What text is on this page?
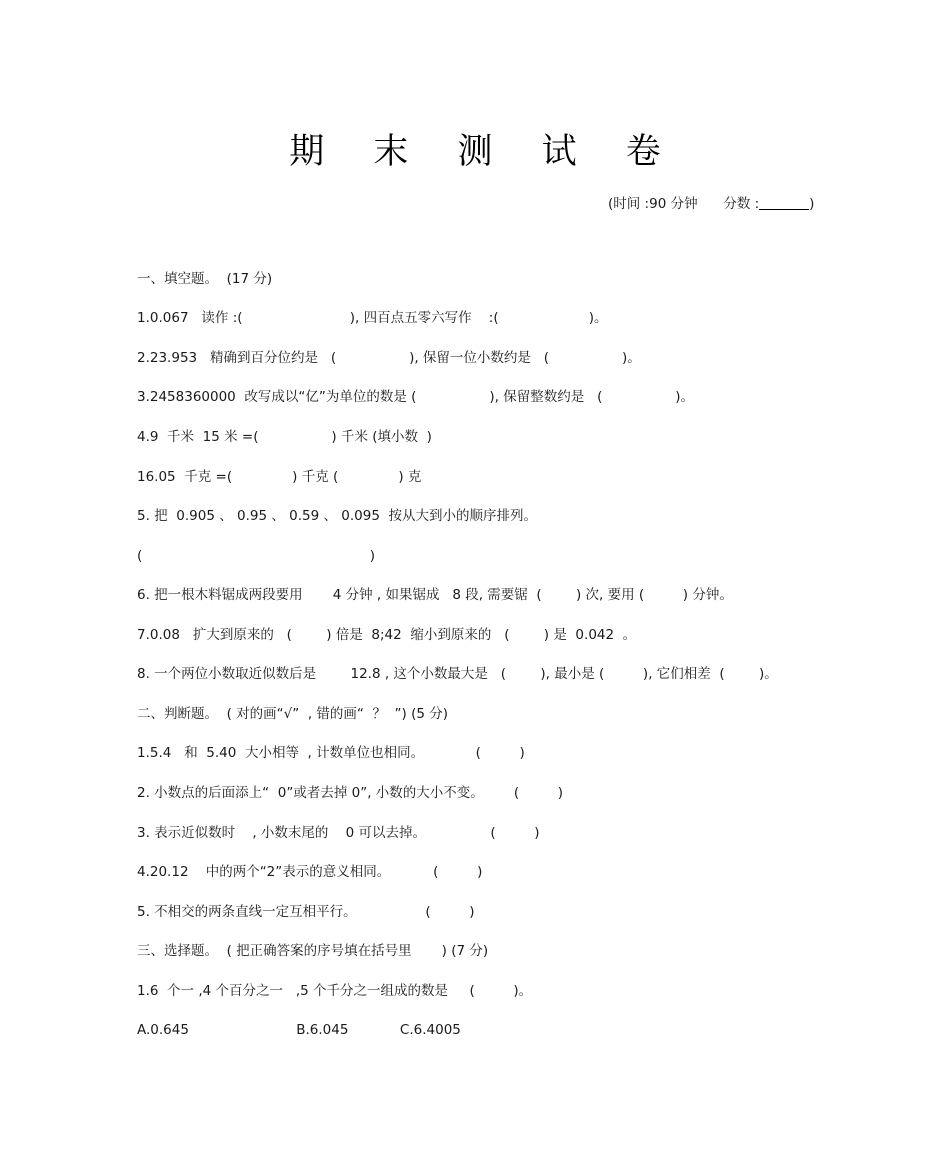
期 末 测 试 卷
(时间 :90 分钟 分数 :	)
一、填空题。  (17 分)
1.0.067   读作 :(                         ), 四百点五零六写作    :(                     )。
2.23.953   精确到百分位约是   (                 ), 保留一位小数约是   (                 )。
3.2458360000  改写成以“亿”为单位的数是 (                 ), 保留整数约是   (                 )。
4.9  千米  15 米 =(                 ) 千米 (填小数  )
16.05  千克 =(              ) 千克 (              ) 克
5. 把  0.905 、 0.95 、 0.59 、 0.095  按从大到小的顺序排列。
(                                                     )
6. 把一根木料锯成两段要用       4 分钟 , 如果锯成   8 段, 需要锯  (        ) 次, 要用 (         ) 分钟。
7.0.08   扩大到原来的   (        ) 倍是  8;42  缩小到原来的   (        ) 是  0.042  。
8. 一个两位小数取近似数后是        12.8 , 这个小数最大是   (        ), 最小是 (         ), 它们相差  (        )。
二、判断题。  ( 对的画“√”  , 错的画“  ？  ”) (5 分)
1.5.4   和  5.40  大小相等  , 计数单位也相同。            (         )
2. 小数点的后面添上“  0”或者去掉 0”, 小数的大小不变。       (         )
3. 表示近似数时    , 小数末尾的    0 可以去掉。               (         )
4.20.12    中的两个“2”表示的意义相同。          (         )
5. 不相交的两条直线一定互相平行。                (         )
三、选择题。  ( 把正确答案的序号填在括号里       ) (7 分)
1.6  个一 ,4 个百分之一   ,5 个千分之一组成的数是     (         )。
A.0.645                         B.6.045            C.6.4005
